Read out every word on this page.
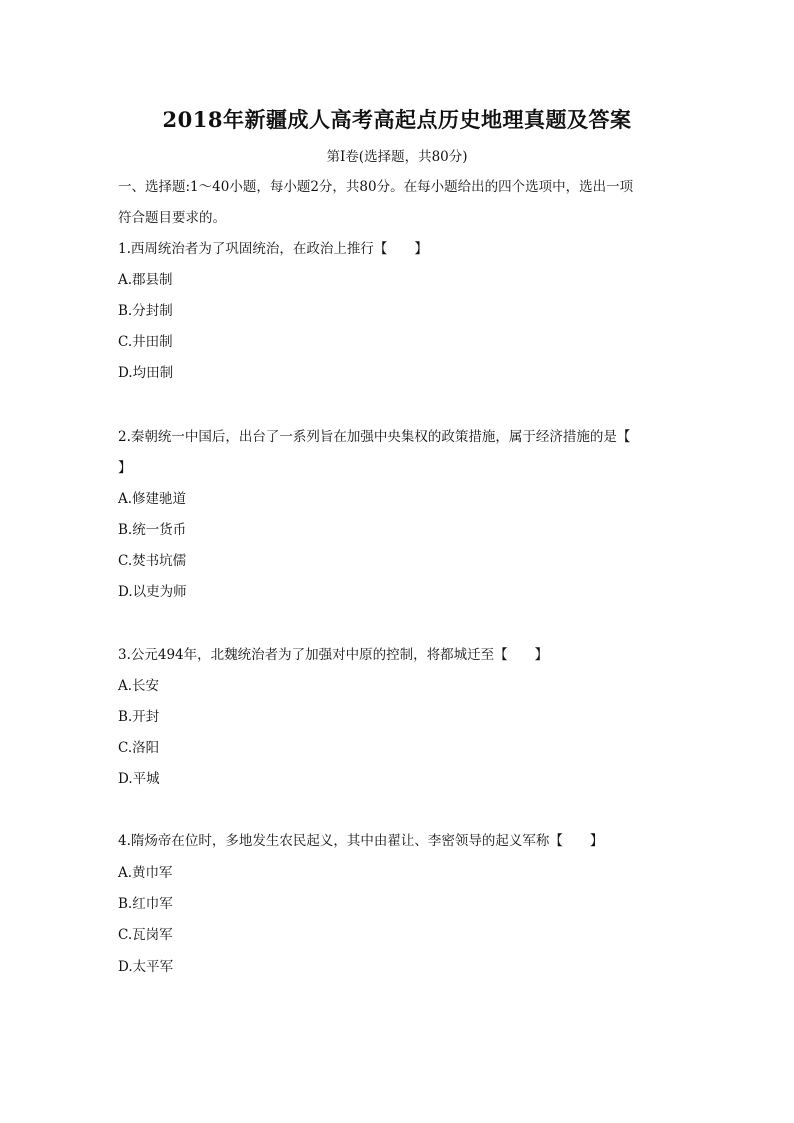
2018年新疆成人高考高起点历史地理真题及答案

第Ⅰ卷(选择题，共80分)

一、选择题:1～40小题，每小题2分，共80分。在每小题给出的四个选项中，选出一项

符合题目要求的。

1.西周统治者为了巩固统治，在政治上推行【　　】

A.郡县制

B.分封制

C.井田制

D.均田制

2.秦朝统一中国后，出台了一系列旨在加强中央集权的政策措施，属于经济措施的是【

】

A.修建驰道

B.统一货币

C.焚书坑儒

D.以吏为师

3.公元494年，北魏统治者为了加强对中原的控制，将都城迁至【　　】

A.长安

B.开封

C.洛阳

D.平城

4.隋炀帝在位时，多地发生农民起义，其中由翟让、李密领导的起义军称【　　】

A.黄巾军

B.红巾军

C.瓦岗军

D.太平军
